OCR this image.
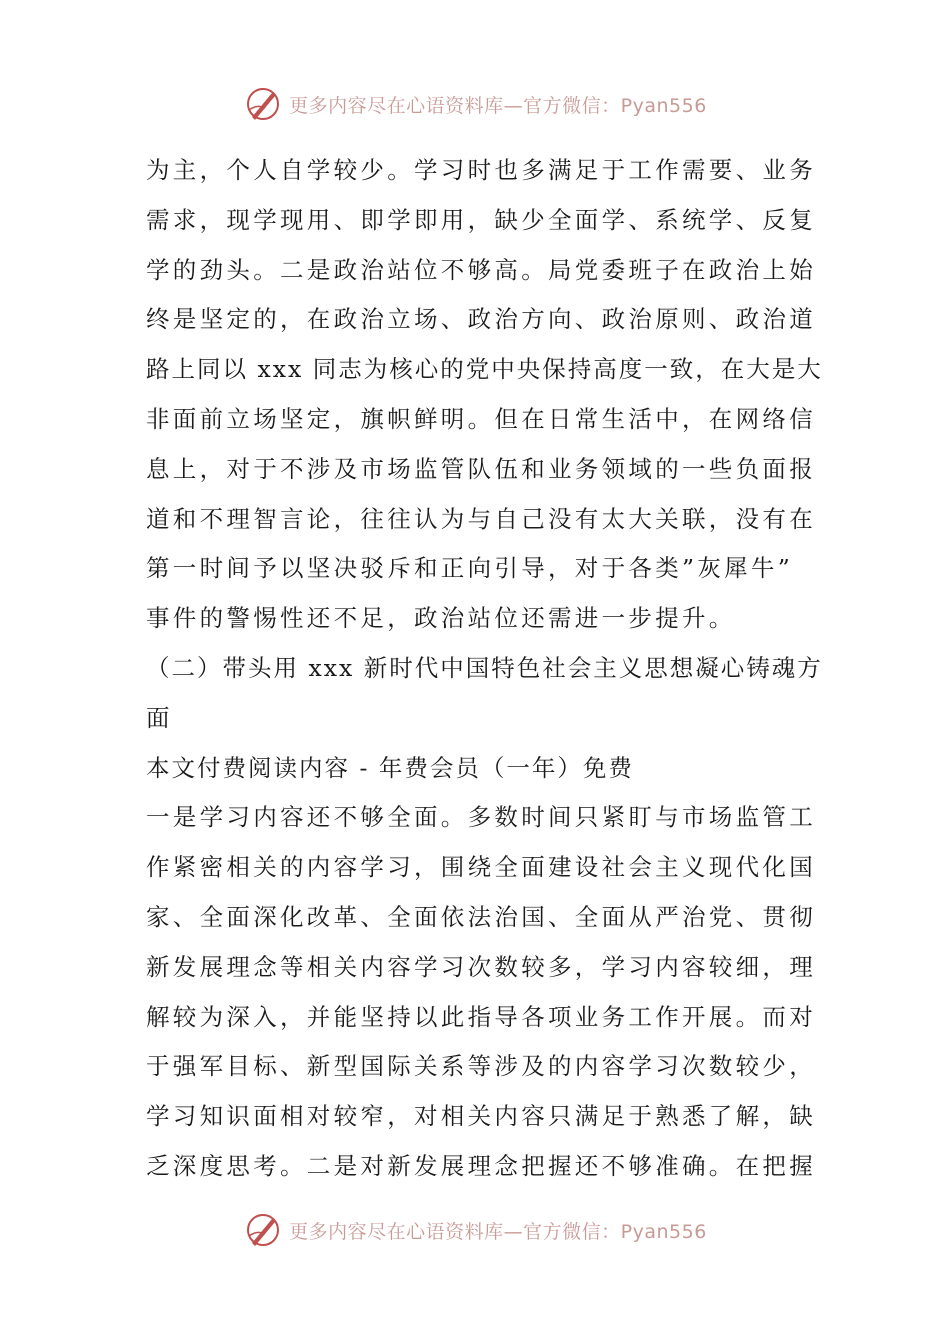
更多内容尽在心语资料库—官方微信：Pyan556
为主，个人自学较少。学习时也多满足于工作需要、业务
需求，现学现用、即学即用，缺少全面学、系统学、反复
学的劲头。二是政治站位不够高。局党委班子在政治上始
终是坚定的，在政治立场、政治方向、政治原则、政治道
路上同以 xxx 同志为核心的党中央保持高度一致，在大是大
非面前立场坚定，旗帜鲜明。但在日常生活中，在网络信
息上，对于不涉及市场监管队伍和业务领域的一些负面报
道和不理智言论，往往认为与自己没有太大关联，没有在
第一时间予以坚决驳斥和正向引导，对于各类”灰犀牛”
事件的警惕性还不足，政治站位还需进一步提升。
（二）带头用 xxx 新时代中国特色社会主义思想凝心铸魂方
面
本文付费阅读内容 - 年费会员（一年）免费
一是学习内容还不够全面。多数时间只紧盯与市场监管工
作紧密相关的内容学习，围绕全面建设社会主义现代化国
家、全面深化改革、全面依法治国、全面从严治党、贯彻
新发展理念等相关内容学习次数较多，学习内容较细，理
解较为深入，并能坚持以此指导各项业务工作开展。而对
于强军目标、新型国际关系等涉及的内容学习次数较少，
学习知识面相对较窄，对相关内容只满足于熟悉了解，缺
乏深度思考。二是对新发展理念把握还不够准确。在把握
更多内容尽在心语资料库—官方微信：Pyan556
